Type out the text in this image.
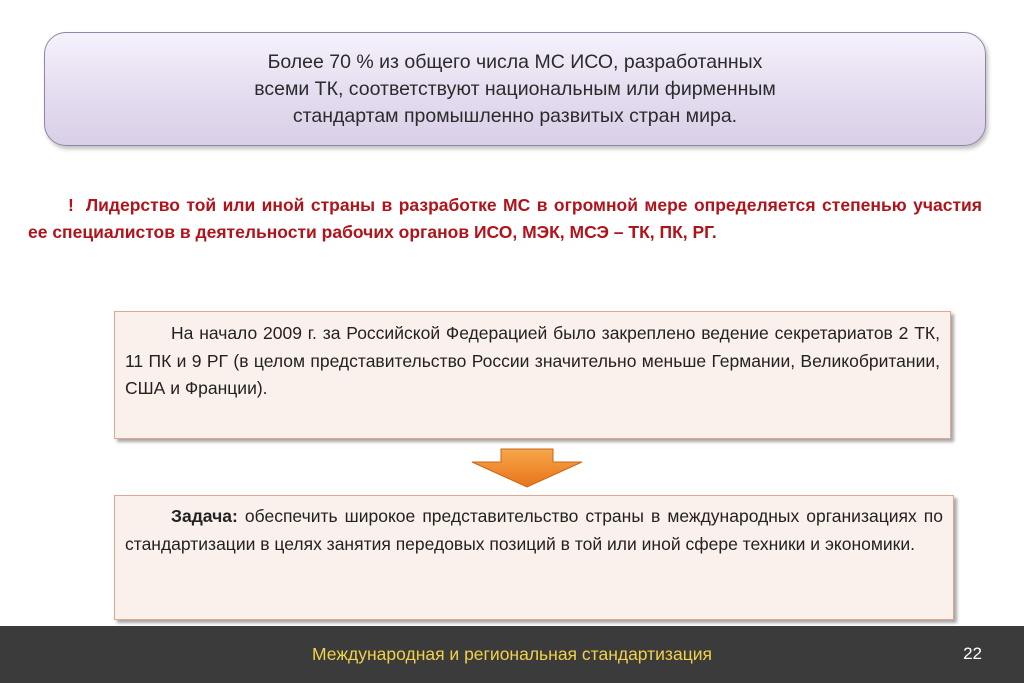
Более 70 % из общего числа МС ИСО, разработанных
всеми ТК, соответствуют национальным или фирменным
стандартам промышленно развитых стран мира.

! Лидерство той или иной страны в разработке МС в огромной мере определяется степенью участия ее специалистов в деятельности рабочих органов ИСО, МЭК, МСЭ – ТК, ПК, РГ.

На начало 2009 г. за Российской Федерацией было закреплено ведение секретариатов 2 ТК, 11 ПК и 9 РГ (в целом представительство России значительно меньше Германии, Великобритании, США и Франции).

Задача: обеспечить широкое представительство страны в международных организациях по стандартизации в целях занятия передовых позиций в той или иной сфере техники и экономики.

Международная и региональная стандартизация	22
